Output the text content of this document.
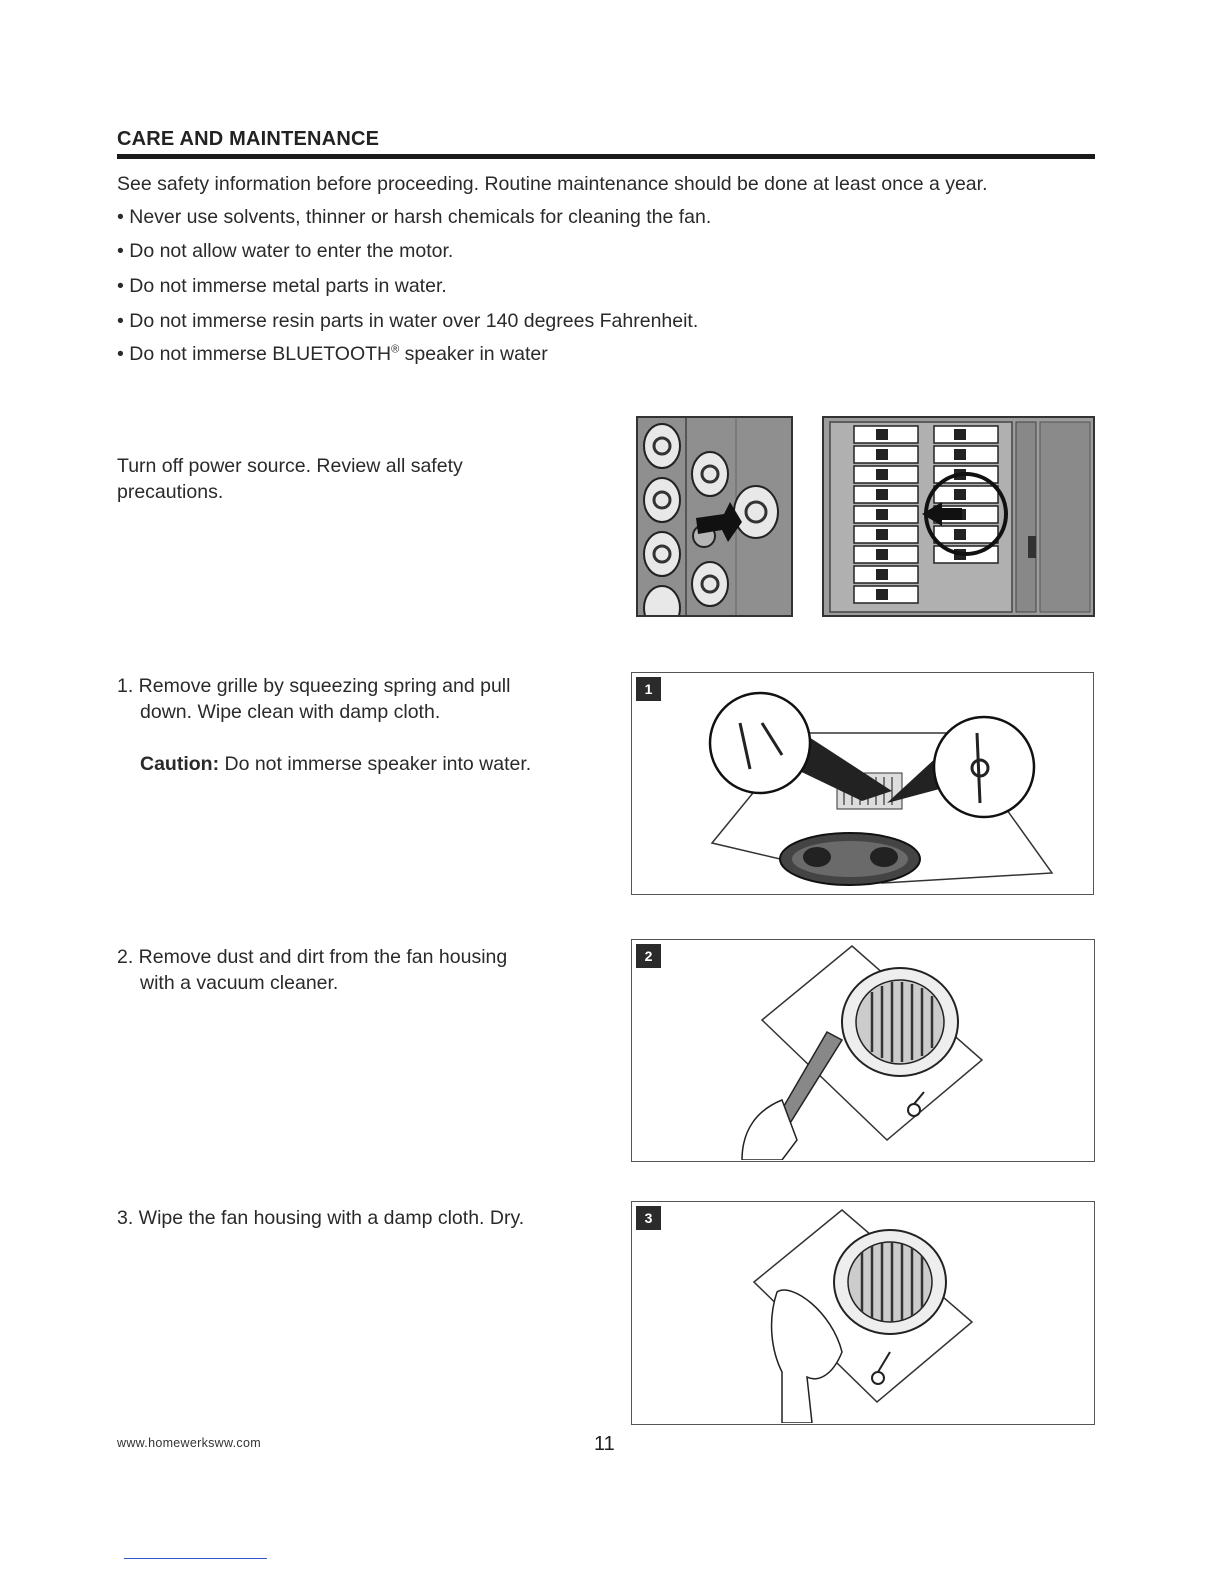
CARE AND MAINTENANCE
See safety information before proceeding. Routine maintenance should be done at least once a year.
• Never use solvents, thinner or harsh chemicals for cleaning the fan.
• Do not allow water to enter the motor.
• Do not immerse metal parts in water.
• Do not immerse resin parts in water over 140 degrees Fahrenheit.
• Do not immerse BLUETOOTH® speaker in water
Turn off power source. Review all safety
precautions.
1. Remove grille by squeezing spring and pull
down. Wipe clean with damp cloth.
Caution: Do not immerse speaker into water.
1
2. Remove dust and dirt from the fan housing
with a vacuum cleaner.
2
3. Wipe the fan housing with a damp cloth. Dry.	3
www.homewerksww.com	11
